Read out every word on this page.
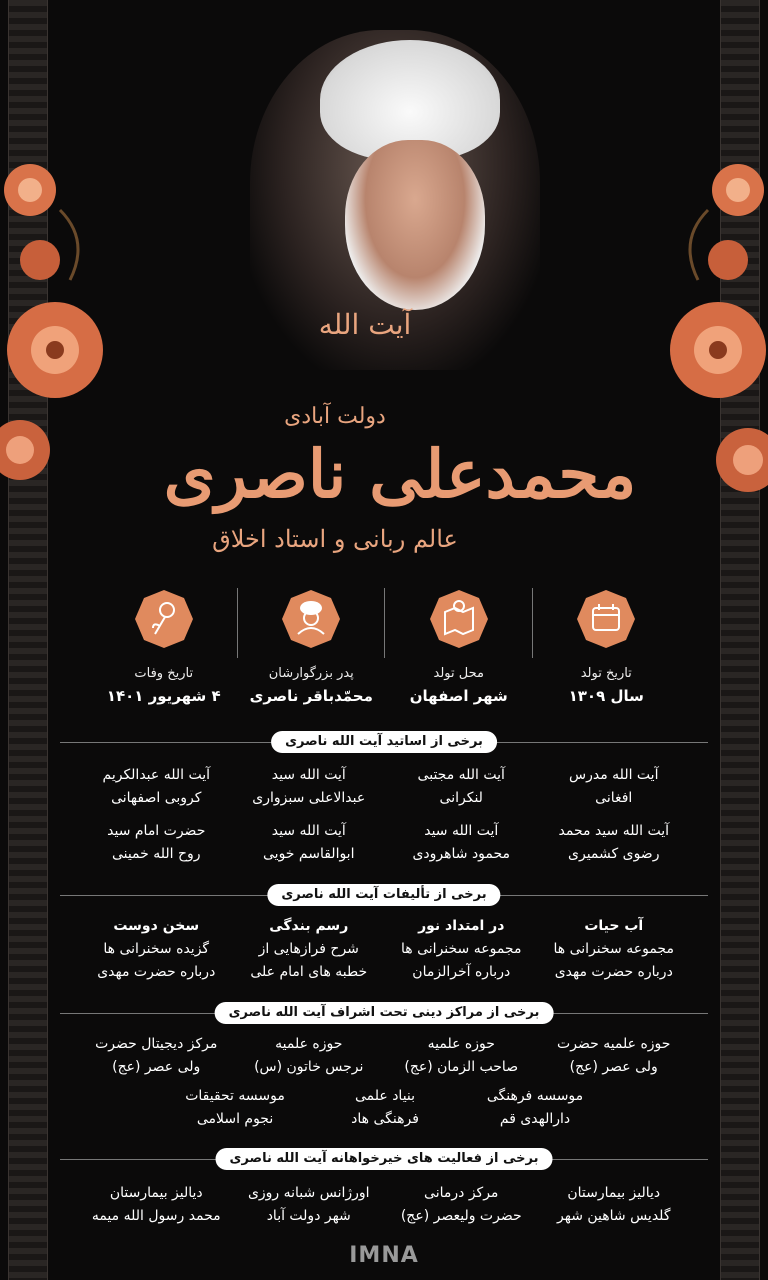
آیت الله
محمدعلی ناصری
دولت آبادی
عالم ربانی و استاد اخلاق
تاریخ تولد
سال ۱۳۰۹
محل تولد
شهر اصفهان
پدر بزرگوارشان
محمّدباقر ناصری
تاریخ وفات
۴ شهریور ۱۴۰۱
برخی از اساتید آیت الله ناصری
آیت الله مدرس
افغانی
آیت الله مجتبی
لنکرانی
آیت الله سید
عبدالاعلی سبزواری
آیت الله عبدالکریم
کروبی اصفهانی
آیت الله سید محمد
رضوی کشمیری
آیت الله سید
محمود شاهرودی
آیت الله سید
ابوالقاسم خویی
حضرت امام سید
روح الله خمینی
برخی از تألیفات آیت الله ناصری
آب حیات
مجموعه سخنرانی ها
درباره حضرت مهدی
در امتداد نور
مجموعه سخنرانی ها
درباره آخرالزمان
رسم بندگی
شرح فرازهایی از
خطبه های امام علی
سخن دوست
گزیده سخنرانی ها
درباره حضرت مهدی
برخی از مراکز دینی تحت اشراف آیت الله ناصری
حوزه علمیه حضرت
ولی عصر (عج)
حوزه علمیه
صاحب الزمان (عج)
حوزه علمیه
نرجس خاتون (س)
مرکز دیجیتال حضرت
ولی عصر (عج)
موسسه فرهنگی
دارالهدی قم
بنیاد علمی
فرهنگی هاد
موسسه تحقیقات
نجوم اسلامی
برخی از فعالیت های خیرخواهانه آیت الله ناصری
دیالیز بیمارستان
گلدیس شاهین شهر
مرکز درمانی
حضرت ولیعصر (عج)
اورژانس شبانه روزی
شهر دولت آباد
دیالیز بیمارستان
محمد رسول الله میمه
IMNA
